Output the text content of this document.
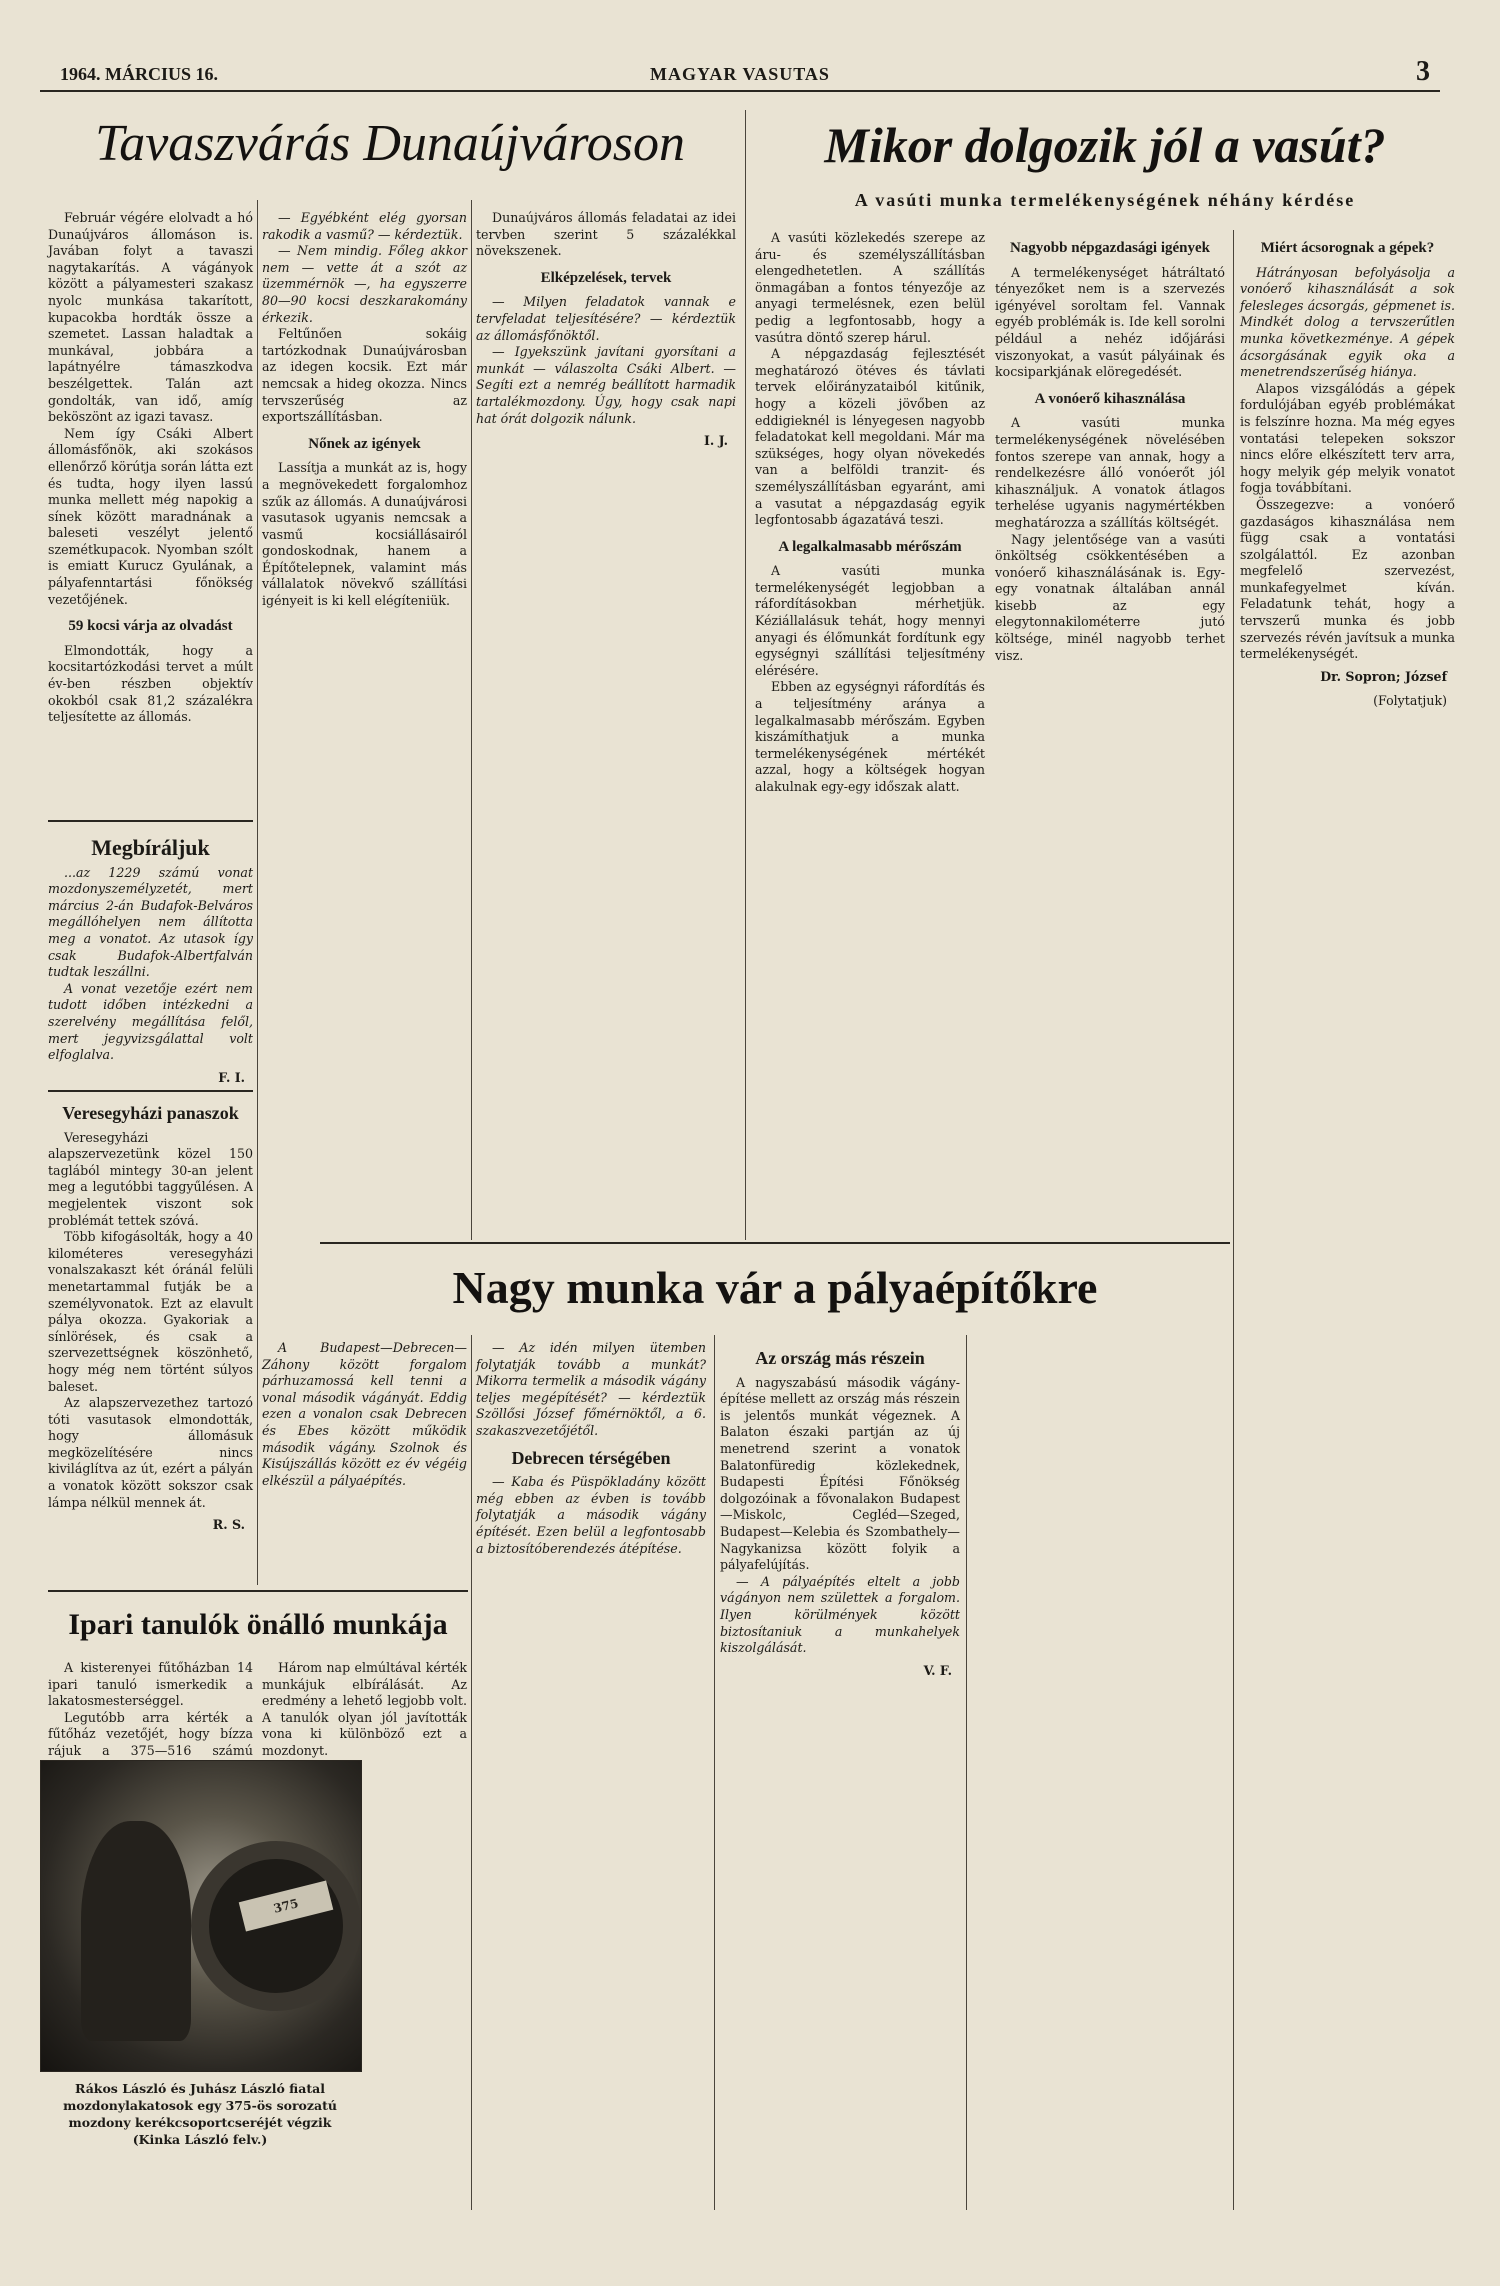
1964. MÁRCIUS 16.	MAGYAR VASUTAS	3
Tavaszvárás Dunaújvároson

Február végére elolvadt a hó Dunaújváros állomáson is. Javában folyt a tavaszi nagytakarítás. A vágányok között a pályamesteri szakasz nyolc munkása takarított, kupacokba hordták össze a szemetet. Lassan haladtak a munkával, jobbára a lapátnyélre támaszkodva beszélgettek. Talán azt gondolták, van idő, amíg beköszönt az igazi tavasz.

Nem így Csáki Albert állomásfőnök, aki szokásos ellenőrző körútja során látta ezt és tudta, hogy ilyen lassú munka mellett még napokig a sínek között maradnának a baleseti veszélyt jelentő szemétkupacok. Nyomban szólt is emiatt Kurucz Gyulának, a pályafenntartási főnökség vezetőjének.

59 kocsi várja az olvadást

Elmondották, hogy a kocsitartózkodási tervet a múlt év-ben részben objektív okokból csak 81,2 százalékra teljesítette az állomás.

— Egyébként elég gyorsan rakodik a vasmű? — kérdeztük.

— Nem mindig. Főleg akkor nem — vette át a szót az üzemmérnök —, ha egyszerre 80—90 kocsi deszkarakomány érkezik.

Feltűnően sokáig tartózkodnak Dunaújvárosban az idegen kocsik. Ezt már nemcsak a hideg okozza. Nincs tervszerűség az exportszállításban.

Nőnek az igények

Lassítja a munkát az is, hogy a megnövekedett forgalomhoz szűk az állomás. A dunaújvárosi vasutasok ugyanis nemcsak a vasmű kocsiállásairól gondoskodnak, hanem a Építőtelepnek, valamint más vállalatok növekvő szállítási igényeit is ki kell elégíteniük.

Dunaújváros állomás feladatai az idei tervben szerint 5 százalékkal növekszenek.

Elképzelések, tervek

— Milyen feladatok vannak e tervfeladat teljesítésére? — kérdeztük az állomásfőnöktől.

— Igyekszünk javítani gyorsítani a munkát — válaszolta Csáki Albert. — Segíti ezt a nemrég beállított harmadik tartalékmozdony. Úgy, hogy csak napi hat órát dolgozik nálunk.

I. J.
Megbíráljuk

...az 1229 számú vonat mozdonyszemélyzetét, mert március 2-án Budafok-Belváros megállóhelyen nem állította meg a vonatot. Az utasok így csak Budafok-Albertfalván tudtak leszállni.

A vonat vezetője ezért nem tudott időben intézkedni a szerelvény megállítása felől, mert jegyvizsgálattal volt elfoglalva.

F. I.
Veresegyházi panaszok

Veresegyházi alapszervezetünk közel 150 taglából mintegy 30-an jelent meg a legutóbbi taggyűlésen. A megjelentek viszont sok problémát tettek szóvá.

Több kifogásolták, hogy a 40 kilométeres veresegyházi vonalszakaszt két óránál felüli menetartammal futják be a személyvonatok. Ezt az elavult pálya okozza. Gyakoriak a sínlörések, és csak a szervezettségnek köszönhető, hogy még nem történt súlyos baleset.

Az alapszervezethez tartozó tóti vasutasok elmondották, hogy állomásuk megközelítésére nincs kiviláglítva az út, ezért a pályán a vonatok között sokszor csak lámpa nélkül mennek át.

R. S.
Ipari tanulók önálló munkája

A kisterenyei fűtőházban 14 ipari tanuló ismerkedik a lakatosmesterséggel.

Legutóbb arra kérték a fűtőház vezetőjét, hogy bízza rájuk a 375—516 számú

Három nap elmúltával kérték munkájuk elbírálását. Az eredmény a lehető legjobb volt. A tanulók olyan jól javították vona ki különböző ezt a mozdonyt.

375
Rákos László és Juhász László fiatal mozdonylakatosok egy 375-ös sorozatú mozdony kerékcsoportcseréjét végzik
(Kinka László felv.)
Mikor dolgozik jól a vasút?
A vasúti munka termelékenységének néhány kérdése

A vasúti közlekedés szerepe az áru- és személyszállításban elengedhetetlen. A szállítás önmagában a fontos tényezője az anyagi termelésnek, ezen belül pedig a legfontosabb, hogy a vasútra döntő szerep hárul.

A népgazdaság fejlesztését meghatározó ötéves és távlati tervek előirányzataiból kitűnik, hogy a közeli jövőben az eddigieknél is lényegesen nagyobb feladatokat kell megoldani. Már ma szükséges, hogy olyan növekedés van a belföldi tranzit- és személyszállításban egyaránt, ami a vasutat a népgazdaság egyik legfontosabb ágazatává teszi.

A legalkalmasabb mérőszám

A vasúti munka termelékenységét legjobban a ráfordításokban mérhetjük. Kéziállalásuk tehát, hogy mennyi anyagi és élőmunkát fordítunk egy egységnyi szállítási teljesítmény elérésére.

Ebben az egységnyi ráfordítás és a teljesítmény aránya a legalkalmasabb mérőszám. Egyben kiszámíthatjuk a munka termelékenységének mértékét azzal, hogy a költségek hogyan alakulnak egy-egy időszak alatt.

Nagyobb népgazdasági igények

A termelékenységet hátráltató tényezőket nem is a szervezés igényével soroltam fel. Vannak egyéb problémák is. Ide kell sorolni például a nehéz időjárási viszonyokat, a vasút pályáinak és kocsiparkjának elöregedését.

A vonóerő kihasználása

A vasúti munka termelékenységének növelésében fontos szerepe van annak, hogy a rendelkezésre álló vonóerőt jól kihasználjuk. A vonatok átlagos terhelése ugyanis nagymértékben meghatározza a szállítás költségét.

Nagy jelentősége van a vasúti önköltség csökkentésében a vonóerő kihasználásának is. Egy-egy vonatnak általában annál kisebb az egy elegytonnakilométerre jutó költsége, minél nagyobb terhet visz.

Miért ácsorognak a gépek?

Hátrányosan befolyásolja a vonóerő kihasználását a sok felesleges ácsorgás, gépmenet is. Mindkét dolog a tervszerűtlen munka következménye. A gépek ácsorgásának egyik oka a menetrendszerűség hiánya.

Alapos vizsgálódás a gépek fordulójában egyéb problémákat is felszínre hozna. Ma még egyes vontatási telepeken sokszor nincs előre elkészített terv arra, hogy melyik gép melyik vonatot fogja továbbítani.

Összegezve: a vonóerő gazdaságos kihasználása nem függ csak a vontatási szolgálattól. Ez azonban megfelelő szervezést, munkafegyelmet kíván. Feladatunk tehát, hogy a tervszerű munka és jobb szervezés révén javítsuk a munka termelékenységét.

Dr. Sopron; József
(Folytatjuk)
Nagy munka vár a pályaépítőkre

A Budapest—Debrecen—Záhony között forgalom párhuzamossá kell tenni a vonal második vágányát. Eddig ezen a vonalon csak Debrecen és Ebes között működik második vágány. Szolnok és Kisújszállás között ez év végéig elkészül a pályaépítés.

— Az idén milyen ütemben folytatják tovább a munkát? Mikorra termelik a második vágány teljes megépítését? — kérdeztük Szöllősi József főmérnöktől, a 6. szakaszvezetőjétől.

Debrecen térségében

— Kaba és Püspökladány között még ebben az évben is tovább folytatják a második vágány építését. Ezen belül a legfontosabb a biztosítóberendezés átépítése.

Az ország más részein

A nagyszabású második vágány-építése mellett az ország más részein is jelentős munkát végeznek. A Balaton északi partján az új menetrend szerint a vonatok Balatonfüredig közlekednek, Budapesti Építési Főnökség dolgozóinak a fővonalakon Budapest—Miskolc, Cegléd—Szeged, Budapest—Kelebia és Szombathely—Nagykanizsa között folyik a pályafelújítás.

— A pályaépítés eltelt a jobb vágányon nem születtek a forgalom. Ilyen körülmények között biztosítaniuk a munkahelyek kiszolgálását.

V. F.
